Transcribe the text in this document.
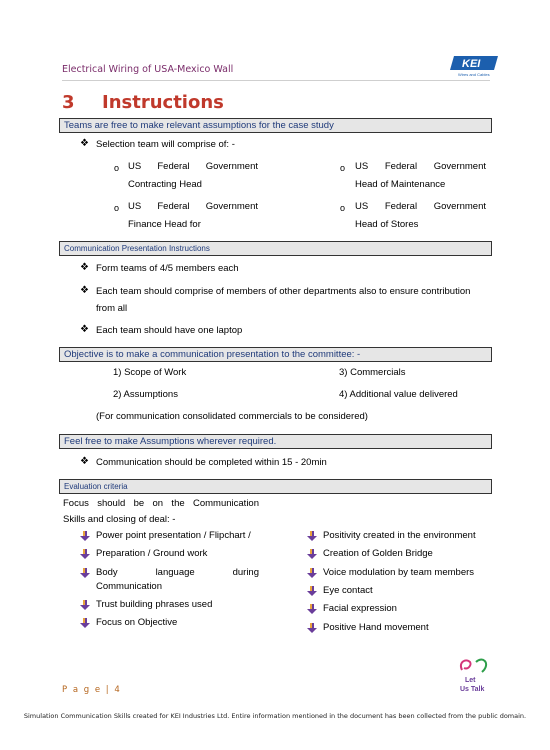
Electrical Wiring of USA-Mexico Wall	KEI
Wires and Cables
3 Instructions
Teams are free to make relevant assumptions for the case study
❖ Selection team will comprise of: -
o US Federal Government
Contracting Head
o US Federal Government
Head of Maintenance
o US Federal Government
Finance Head for
o US Federal Government
Head of Stores
Communication Presentation Instructions
❖ Form teams of 4/5 members each
❖ Each team should comprise of members of other departments also to ensure contribution
from all
❖ Each team should have one laptop
Objective is to make a communication presentation to the committee: -
1) Scope of Work	3) Commercials
2) Assumptions	4) Additional value delivered
(For communication consolidated commercials to be considered)
Feel free to make Assumptions wherever required.
❖ Communication should be completed within 15 - 20min
Evaluation criteria
Focus should be on the Communication
Skills and closing of deal: -
Power point presentation / Flipchart /
Preparation / Ground work
Body language during
Communication
Trust building phrases used
Focus on Objective
Positivity created in the environment
Creation of Golden Bridge
Voice modulation by team members
Eye contact
Facial expression
Positive Hand movement
P a g e | 4
Let
Us Talk
Simulation Communication Skills created for KEI Industries Ltd. Entire information mentioned in the document has been collected from the public domain.
